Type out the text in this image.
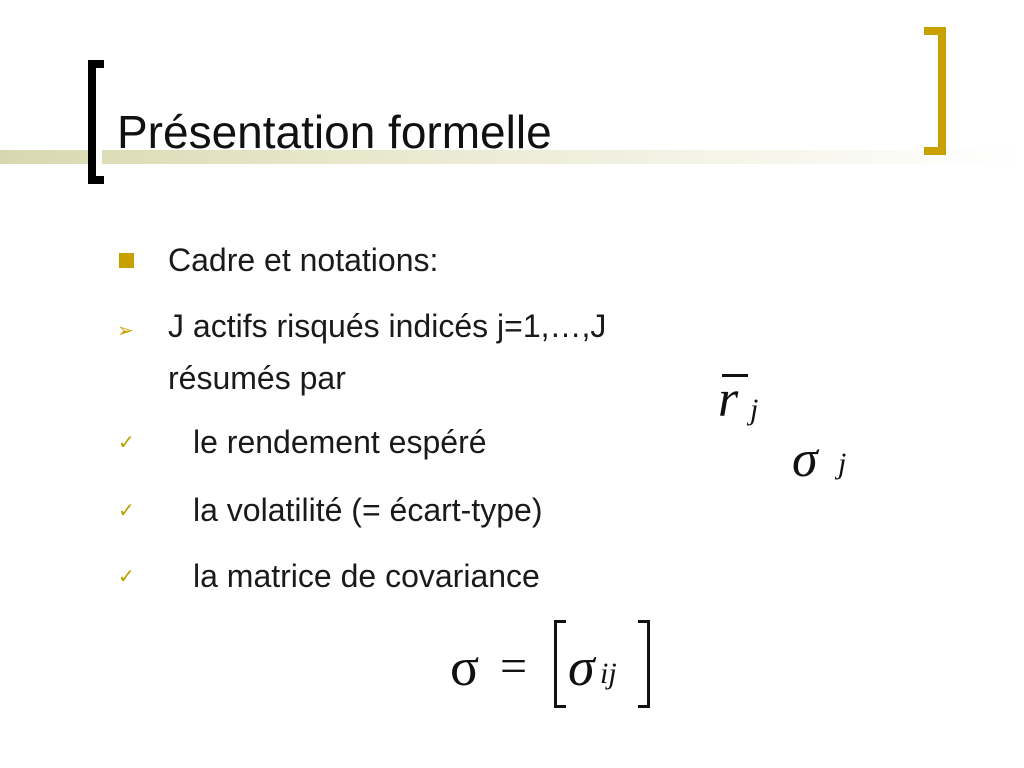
Présentation formelle
Cadre et notations:
➢ J actifs risqués indicés j=1,…,J
résumés par
✓ le rendement espéré
✓ la volatilité (= écart-type)
✓ la matrice de covariance
r j
σ j
σ = σ ij
